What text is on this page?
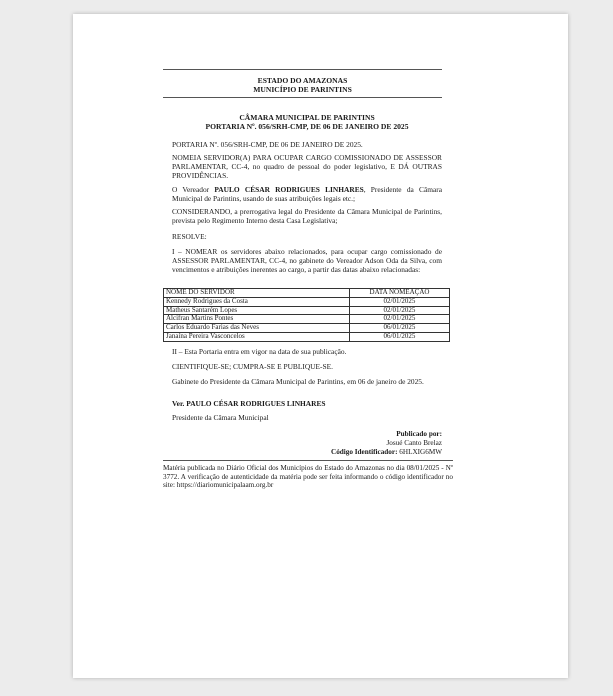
ESTADO DO AMAZONAS
MUNICÍPIO DE PARINTINS
CÂMARA MUNICIPAL DE PARINTINS
PORTARIA Nº. 056/SRH-CMP, DE 06 DE JANEIRO DE 2025
PORTARIA Nº. 056/SRH-CMP, DE 06 DE JANEIRO DE 2025.
NOMEIA SERVIDOR(A) PARA OCUPAR CARGO COMISSIONADO DE ASSESSOR PARLAMENTAR, CC-4, no quadro de pessoal do poder legislativo, E DÁ OUTRAS PROVIDÊNCIAS.
O Vereador PAULO CÉSAR RODRIGUES LINHARES, Presidente da Câmara Municipal de Parintins, usando de suas atribuições legais etc.;
CONSIDERANDO, a prerrogativa legal do Presidente da Câmara Municipal de Parintins, prevista pelo Regimento Interno desta Casa Legislativa;
RESOLVE:
I – NOMEAR os servidores abaixo relacionados, para ocupar cargo comissionado de ASSESSOR PARLAMENTAR, CC-4, no gabinete do Vereador Adson Oda da Silva, com vencimentos e atribuições inerentes ao cargo, a partir das datas abaixo relacionadas:
NOME DO SERVIDOR	DATA NOMEAÇÃO
Kennedy Rodrigues da Costa	02/01/2025
Matheus Santarém Lopes	02/01/2025
Alcifran Martins Pontes	02/01/2025
Carlos Eduardo Farias das Neves	06/01/2025
Janaína Pereira Vasconcelos	06/01/2025
II – Esta Portaria entra em vigor na data de sua publicação.
CIENTIFIQUE-SE; CUMPRA-SE E PUBLIQUE-SE.
Gabinete do Presidente da Câmara Municipal de Parintins, em 06 de janeiro de 2025.
Ver. PAULO CÉSAR RODRIGUES LINHARES
Presidente da Câmara Municipal
Publicado por:
Josué Canto Brelaz
Código Identificador: 6HLXIG6MW
Matéria publicada no Diário Oficial dos Municípios do Estado do Amazonas no dia 08/01/2025 - Nº 3772. A verificação de autenticidade da matéria pode ser feita informando o código identificador no site: https://diariomunicipalaam.org.br
